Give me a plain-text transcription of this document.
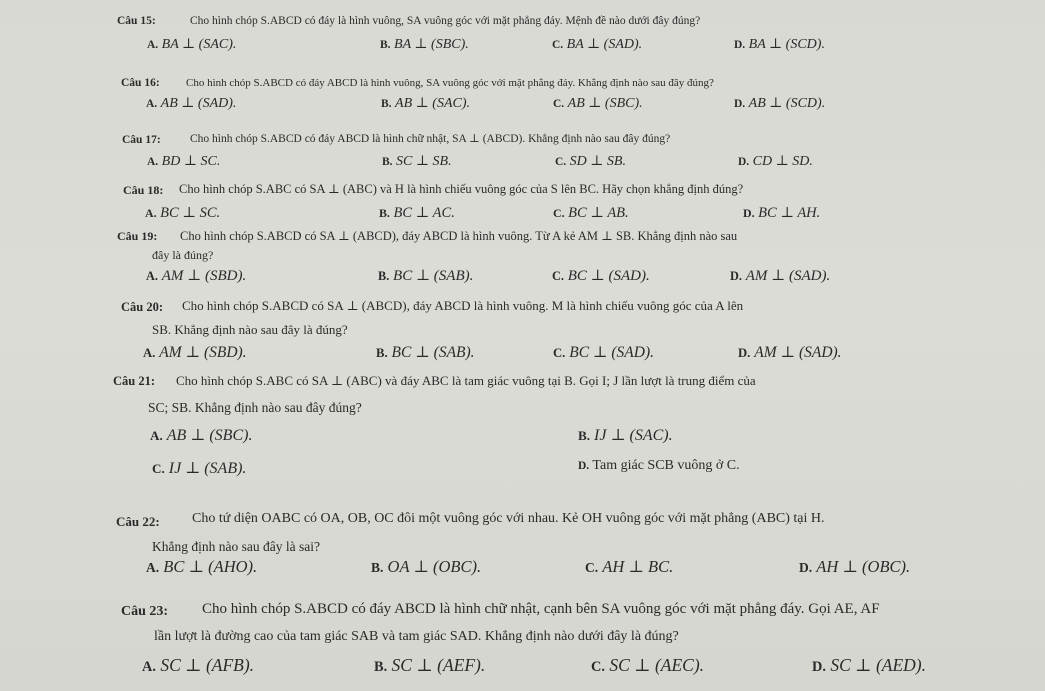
Câu 15:	Cho hình chóp S.ABCD có đáy là hình vuông, SA vuông góc với mặt phẳng đáy. Mệnh đề nào dưới đây đúng?
A. BA ⊥ (SAC).	B. BA ⊥ (SBC).	C. BA ⊥ (SAD).	D. BA ⊥ (SCD).
Câu 16: Cho hình chóp S.ABCD có đáy ABCD là hình vuông, SA vuông góc với mặt phẳng đáy. Khẳng định nào sau đây đúng?
A. AB ⊥ (SAD).	B. AB ⊥ (SAC).	C. AB ⊥ (SBC).	D. AB ⊥ (SCD).
Câu 17:	Cho hình chóp S.ABCD có đáy ABCD là hình chữ nhật, SA ⊥ (ABCD). Khẳng định nào sau đây đúng?
A. BD ⊥ SC.	B. SC ⊥ SB.	C. SD ⊥ SB.	D. CD ⊥ SD.
Câu 18: Cho hình chóp S.ABC có SA ⊥ (ABC) và H là hình chiếu vuông góc của S lên BC. Hãy chọn khẳng định đúng?
A. BC ⊥ SC.	B. BC ⊥ AC.	C. BC ⊥ AB.	D. BC ⊥ AH.
Câu 19: Cho hình chóp S.ABCD có SA ⊥ (ABCD), đáy ABCD là hình vuông. Từ A kẻ AM ⊥ SB. Khẳng định nào sau
đây là đúng?
A. AM ⊥ (SBD).	B. BC ⊥ (SAB).	C. BC ⊥ (SAD).	D. AM ⊥ (SAD).
Câu 20: Cho hình chóp S.ABCD có SA ⊥ (ABCD), đáy ABCD là hình vuông. M là hình chiếu vuông góc của A lên
SB. Khẳng định nào sau đây là đúng?
A. AM ⊥ (SBD).	B. BC ⊥ (SAB).	C. BC ⊥ (SAD).	D. AM ⊥ (SAD).
Câu 21: Cho hình chóp S.ABC có SA ⊥ (ABC) và đáy ABC là tam giác vuông tại B. Gọi I; J lần lượt là trung điểm của
SC; SB. Khẳng định nào sau đây đúng?
A. AB ⊥ (SBC).	B. IJ ⊥ (SAC).
C. IJ ⊥ (SAB).	D. Tam giác SCB vuông ở C.
Câu 22: Cho tứ diện OABC có OA, OB, OC đôi một vuông góc với nhau. Kẻ OH vuông góc với mặt phẳng (ABC) tại H.
Khẳng định nào sau đây là sai?
A. BC ⊥ (AHO).	B. OA ⊥ (OBC).	C. AH ⊥ BC.	D. AH ⊥ (OBC).
Câu 23: Cho hình chóp S.ABCD có đáy ABCD là hình chữ nhật, cạnh bên SA vuông góc với mặt phẳng đáy. Gọi AE, AF
lần lượt là đường cao của tam giác SAB và tam giác SAD. Khẳng định nào dưới đây là đúng?
A. SC ⊥ (AFB).	B. SC ⊥ (AEF).	C. SC ⊥ (AEC).	D. SC ⊥ (AED).
